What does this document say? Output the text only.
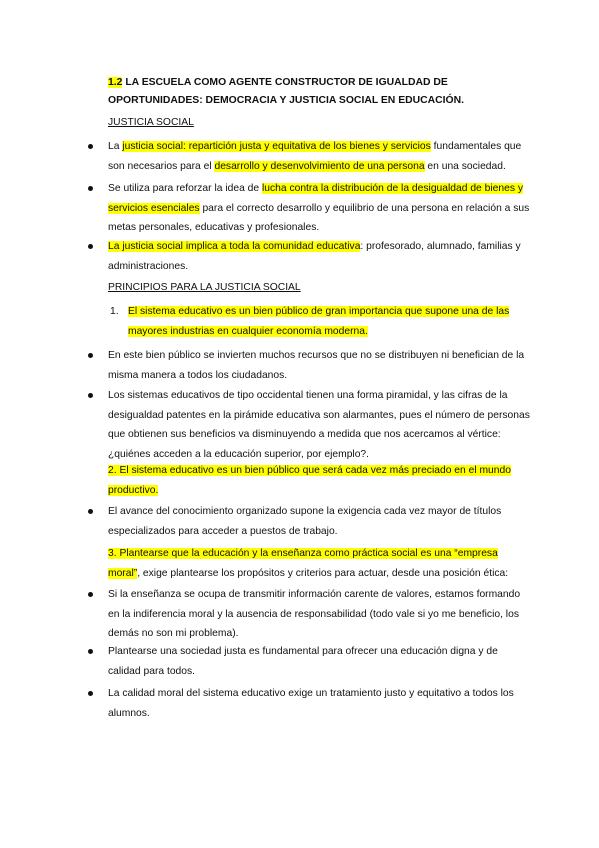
1.2 LA ESCUELA COMO AGENTE CONSTRUCTOR DE IGUALDAD DE OPORTUNIDADES: DEMOCRACIA Y JUSTICIA SOCIAL EN EDUCACIÓN.
JUSTICIA SOCIAL
La justicia social: repartición justa y equitativa de los bienes y servicios fundamentales que son necesarios para el desarrollo y desenvolvimiento de una persona en una sociedad.
Se utiliza para reforzar la idea de lucha contra la distribución de la desigualdad de bienes y servicios esenciales para el correcto desarrollo y equilibrio de una persona en relación a sus metas personales, educativas y profesionales.
La justicia social implica a toda la comunidad educativa: profesorado, alumnado, familias y administraciones.
PRINCIPIOS PARA LA JUSTICIA SOCIAL
1. El sistema educativo es un bien público de gran importancia que supone una de las mayores industrias en cualquier economía moderna.
En este bien público se invierten muchos recursos que no se distribuyen ni benefician de la misma manera a todos los ciudadanos.
Los sistemas educativos de tipo occidental tienen una forma piramidal, y las cifras de la desigualdad patentes en la pirámide educativa son alarmantes, pues el número de personas que obtienen sus beneficios va disminuyendo a medida que nos acercamos al vértice: ¿quiénes acceden a la educación superior, por ejemplo?.
2. El sistema educativo es un bien público que será cada vez más preciado en el mundo productivo.
El avance del conocimiento organizado supone la exigencia cada vez mayor de títulos especializados para acceder a puestos de trabajo.
3. Plantearse que la educación y la enseñanza como práctica social es una “empresa moral”, exige plantearse los propósitos y criterios para actuar, desde una posición ética:
Si la enseñanza se ocupa de transmitir información carente de valores, estamos formando en la indiferencia moral y la ausencia de responsabilidad (todo vale si yo me beneficio, los demás no son mi problema).
Plantearse una sociedad justa es fundamental para ofrecer una educación digna y de calidad para todos.
La calidad moral del sistema educativo exige un tratamiento justo y equitativo a todos los alumnos.
